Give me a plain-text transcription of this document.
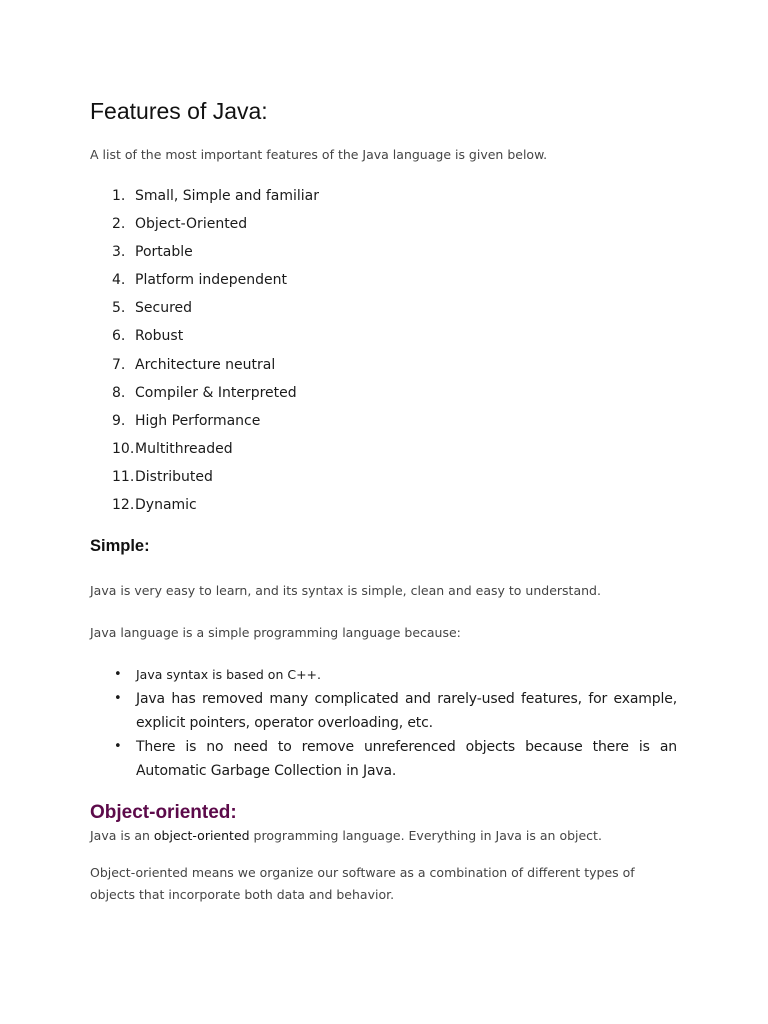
Features of Java:

A list of the most important features of the Java language is given below.

1. Small, Simple and familiar
2. Object-Oriented
3. Portable
4. Platform independent
5. Secured
6. Robust
7. Architecture neutral
8. Compiler & Interpreted
9. High Performance
10.Multithreaded
11.Distributed
12.Dynamic
Simple:

Java is very easy to learn, and its syntax is simple, clean and easy to understand.

Java language is a simple programming language because:

• Java syntax is based on C++.
• Java has removed many complicated and rarely-used features, for example, explicit pointers, operator overloading, etc.
• There is no need to remove unreferenced objects because there is an Automatic Garbage Collection in Java.
Object-oriented:

Java is an object-oriented programming language. Everything in Java is an object.

Object-oriented means we organize our software as a combination of different types of objects that incorporate both data and behavior.
